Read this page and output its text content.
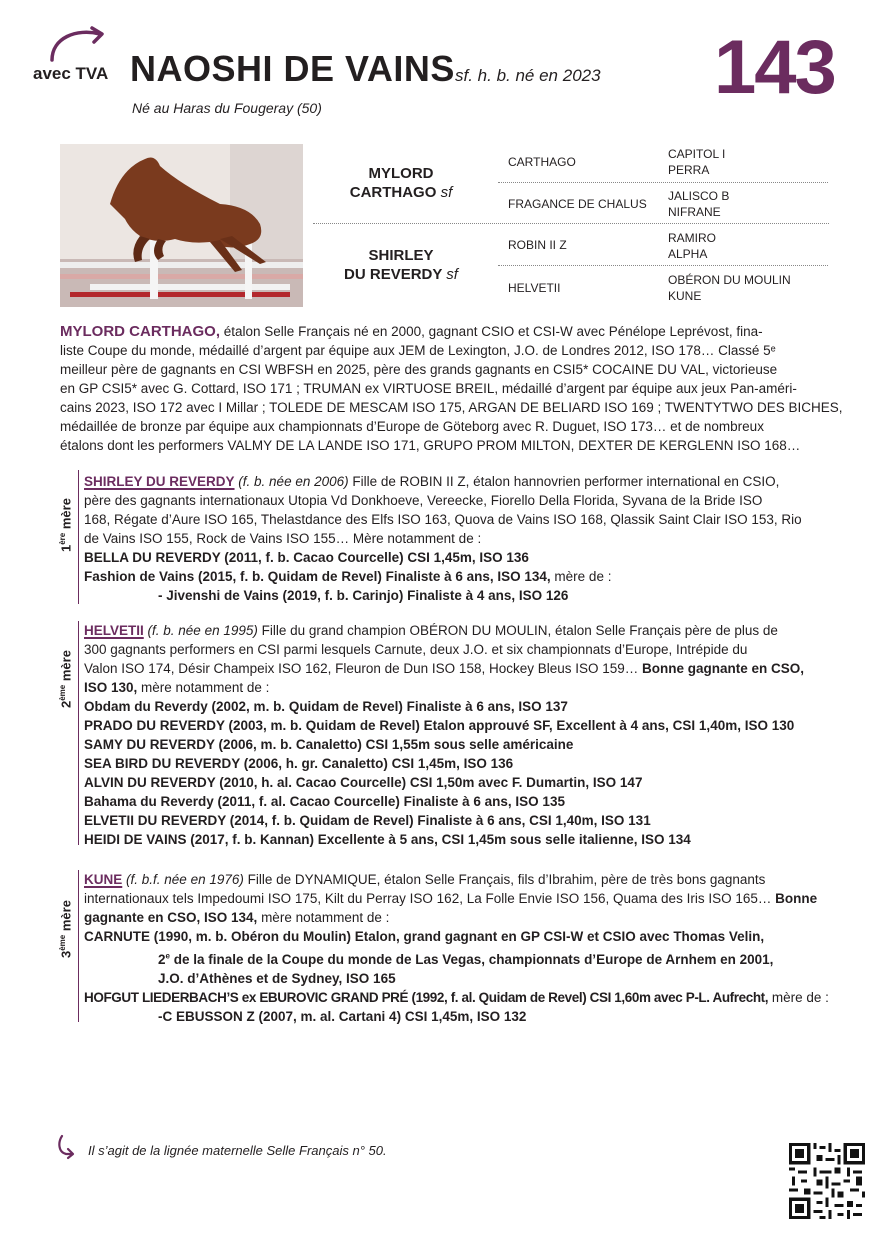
avec TVA NAOSHI DE VAINS sf. h. b. né en 2023 143
Né au Haras du Fougeray (50)
MYLORD
CARTHAGO sf
SHIRLEY
DU REVERDY sf
CARTHAGO
FRAGANCE DE CHALUS
ROBIN II Z
HELVETII
CAPITOL I
PERRA
JALISCO B
NIFRANE
RAMIRO
ALPHA
OBÉRON DU MOULIN
KUNE
MYLORD CARTHAGO, étalon Selle Français né en 2000, gagnant CSIO et CSI-W avec Pénélope Leprévost, fina-
liste Coupe du monde, médaillé d’argent par équipe aux JEM de Lexington, J.O. de Londres 2012, ISO 178… Classé 5ᵉ
meilleur père de gagnants en CSI WBFSH en 2025, père des grands gagnants en CSI5* COCAINE DU VAL, victorieuse
en GP CSI5* avec G. Cottard, ISO 171 ; TRUMAN ex VIRTUOSE BREIL, médaillé d’argent par équipe aux jeux Pan-améri-
cains 2023, ISO 172 avec I Millar ; TOLEDE DE MESCAM ISO 175, ARGAN DE BELIARD ISO 169 ; TWENTYTWO DES BICHES,
médaillée de bronze par équipe aux championnats d’Europe de Göteborg avec R. Duguet, ISO 173… et de nombreux
étalons dont les performers VALMY DE LA LANDE ISO 171, GRUPO PROM MILTON, DEXTER DE KERGLENN ISO 168…
1ère mère
SHIRLEY DU REVERDY (f. b. née en 2006) Fille de ROBIN II Z, étalon hannovrien performer international en CSIO,
père des gagnants internationaux Utopia Vd Donkhoeve, Vereecke, Fiorello Della Florida, Syvana de la Bride ISO
168, Régate d’Aure ISO 165, Thelastdance des Elfs ISO 163, Quova de Vains ISO 168, Qlassik Saint Clair ISO 153, Rio
de Vains ISO 155, Rock de Vains ISO 155… Mère notamment de :
BELLA DU REVERDY (2011, f. b. Cacao Courcelle) CSI 1,45m, ISO 136
Fashion de Vains (2015, f. b. Quidam de Revel) Finaliste à 6 ans, ISO 134, mère de :
- Jivenshi de Vains (2019, f. b. Carinjo) Finaliste à 4 ans, ISO 126
2ème mère
HELVETII (f. b. née en 1995) Fille du grand champion OBÉRON DU MOULIN, étalon Selle Français père de plus de
300 gagnants performers en CSI parmi lesquels Carnute, deux J.O. et six championnats d’Europe, Intrépide du
Valon ISO 174, Désir Champeix ISO 162, Fleuron de Dun ISO 158, Hockey Bleus ISO 159… Bonne gagnante en CSO,
ISO 130, mère notamment de :
Obdam du Reverdy (2002, m. b. Quidam de Revel) Finaliste à 6 ans, ISO 137
PRADO DU REVERDY (2003, m. b. Quidam de Revel) Etalon approuvé SF, Excellent à 4 ans, CSI 1,40m, ISO 130
SAMY DU REVERDY (2006, m. b. Canaletto) CSI 1,55m sous selle américaine
SEA BIRD DU REVERDY (2006, h. gr. Canaletto) CSI 1,45m, ISO 136
ALVIN DU REVERDY (2010, h. al. Cacao Courcelle) CSI 1,50m avec F. Dumartin, ISO 147
Bahama du Reverdy (2011, f. al. Cacao Courcelle) Finaliste à 6 ans, ISO 135
ELVETII DU REVERDY (2014, f. b. Quidam de Revel) Finaliste à 6 ans, CSI 1,40m, ISO 131
HEIDI DE VAINS (2017, f. b. Kannan) Excellente à 5 ans, CSI 1,45m sous selle italienne, ISO 134
3ème mère
KUNE (f. b.f. née en 1976) Fille de DYNAMIQUE, étalon Selle Français, fils d’Ibrahim, père de très bons gagnants
internationaux tels Impedoumi ISO 175, Kilt du Perray ISO 162, La Folle Envie ISO 156, Quama des Iris ISO 165… Bonne
gagnante en CSO, ISO 134, mère notamment de :
CARNUTE (1990, m. b. Obéron du Moulin) Etalon, grand gagnant en GP CSI-W et CSIO avec Thomas Velin,
2e de la finale de la Coupe du monde de Las Vegas, championnats d’Europe de Arnhem en 2001,
J.O. d’Athènes et de Sydney, ISO 165
HOFGUT LIEDERBACH’S ex EBUROVIC GRAND PRÉ (1992, f. al. Quidam de Revel) CSI 1,60m avec P-L. Aufrecht, mère de :
-C EBUSSON Z (2007, m. al. Cartani 4) CSI 1,45m, ISO 132
Il s’agit de la lignée maternelle Selle Français n° 50.
